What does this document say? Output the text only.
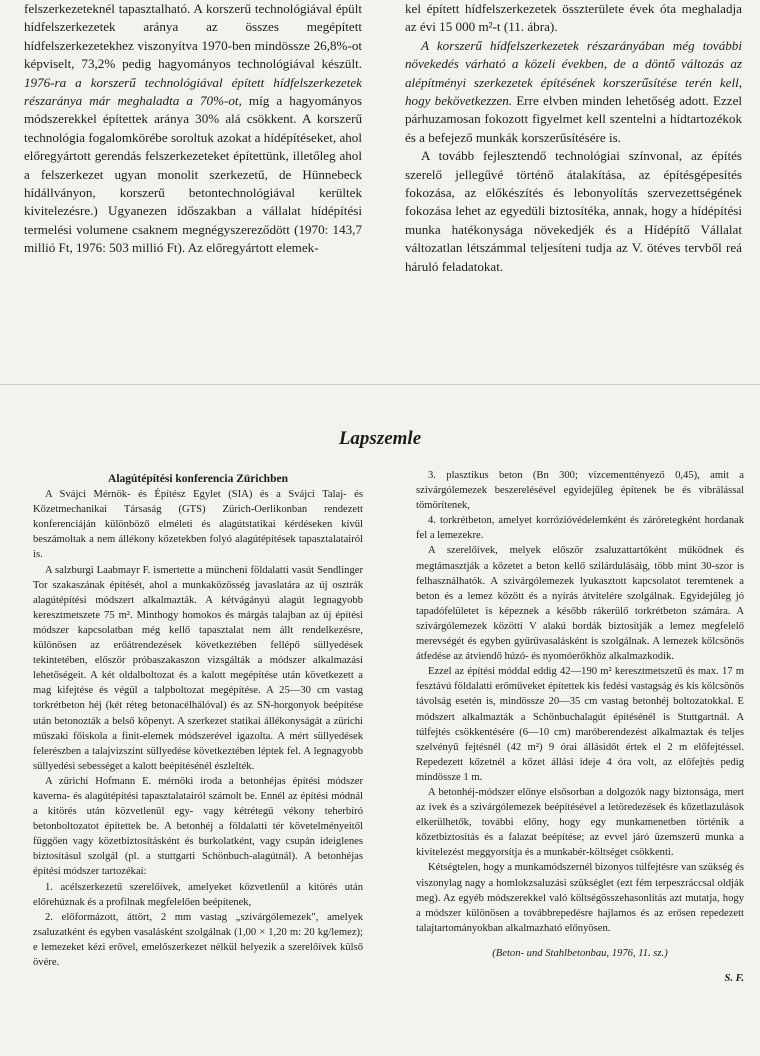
felszerkezeteknél tapasztalható. A korszerű technológiával épült hídfelszerkezetek aránya az összes megépített hídfelszerkezetekhez viszonyítva 1970-ben mindössze 26,8%-ot képviselt, 73,2% pedig hagyományos technológiával készült. 1976-ra a korszerű technológiával épített hídfelszerkezetek részaránya már meghaladta a 70%-ot, míg a hagyományos módszerekkel építettek aránya 30% alá csökkent. A korszerű technológia fogalomkörébe soroltuk azokat a hídépítéseket, ahol előregyártott gerendás felszerkezeteket építettünk, illetőleg ahol a felszerkezet ugyan monolit szerkezetű, de Hünnebeck hídállványon, korszerű betontechnológiával kerültek kivitelezésre.) Ugyanezen időszakban a vállalat hídépítési termelési volumene csaknem megnégyszereződött (1970: 143,7 millió Ft, 1976: 503 millió Ft). Az előregyártott elemek-

kel épített hídfelszerkezetek összterülete évek óta meghaladja az évi 15 000 m²-t (11. ábra).

A korszerű hídfelszerkezetek részarányában még további növekedés várható a közeli években, de a döntő változás az alépítményi szerkezetek építésének korszerűsítése terén kell, hogy bekövetkezzen. Erre elvben minden lehetőség adott. Ezzel párhuzamosan fokozott figyelmet kell szentelni a hídtartozékok és a befejező munkák korszerűsítésére is.

A tovább fejlesztendő technológiai színvonal, az építés szerelő jellegűvé történő átalakítása, az építésgépesítés fokozása, az előkészítés és lebonyolítás szervezettségének fokozása lehet az egyedüli biztosítéka, annak, hogy a hídépítési munka hatékonysága növekedjék és a Hídépítő Vállalat változatlan létszámmal teljesíteni tudja az V. ötéves tervből reá háruló feladatokat.

Lapszemle

Alagútépítési konferencia Zürichben

A Svájci Mérnök- és Építész Egylet (SIA) és a Svájci Talaj- és Kőzetmechanikai Társaság (GTS) Zürich-Oerlikonban rendezett konferenciáján különböző elméleti és alagútstatikai kérdéseken kívül beszámoltak a nem állékony kőzetekben folyó alagútépítések tapasztalatairól is.

A salzburgi Laabmayr F. ismertette a müncheni földalatti vasút Sendlinger Tor szakaszának építését, ahol a munkaközösség javaslatára az új osztrák alagútépítési módszert alkalmazták. A kétvágányú alagút legnagyobb keresztmetszete 75 m². Minthogy homokos és márgás talajban az új építési módszer kapcsolatban még kellő tapasztalat nem állt rendelkezésre, különösen az erőátrendezések következtében fellépő süllyedések tekintetében, először próbaszakaszon vizsgálták a módszer alkalmazási lehetőségeit. A két oldalboltozat és a kalott megépítése után következett a mag kifejtése és végül a talpboltozat megépítése. A 25—30 cm vastag torkrétbeton héj (két réteg betonacélhálóval) és az SN-horgonyok beépítése után betonozták a belső köpenyt. A szerkezet statikai állékonyságát a zürichi műszaki főiskola a finit-elemek módszerével igazolta. A mért süllyedések felerészben a talajvizszint süllyedése következtében léptek fel. A legnagyobb süllyedési sebességet a kalott beépítésénél észlelték.

A zürichi Hofmann E. mérnöki iroda a betonhéjas építési módszer kaverna- és alagútépítési tapasztalatairól számolt be. Ennél az építési módnál a kitörés után közvetlenül egy- vagy kétrétegű vékony teherbíró betonboltozatot építettek be. A betonhéj a földalatti tér követelményeitől függően vagy közetbiztosításként és burkolatként, vagy csupán ideiglenes biztosításul szolgál (pl. a stuttgarti Schönbuch-alagútnál). A betonhéjas építési módszer tartozékai:

1. acélszerkezetű szerelőívek, amelyeket közvetlenül a kitörés után előrehúznak és a profilnak megfelelően beépítenek,

2. előformázott, áttört, 2 mm vastag „szivárgólemezek", amelyek zsaluzatként és egyben vasalásként szolgálnak (1,00 × 1,20 m: 20 kg/lemez); e lemezeket kézi erővel, emelőszerkezet nélkül helyezik a szerelőívek külső övére.

3. plasztikus beton (Bn 300; vízcementtényező 0,45), amit a szivárgólemezek beszerelésével egyidejűleg építenek be és vibrálással tömörítenek,

4. torkrétbeton, amelyet korrózióvédelemként és záróretegként hordanak fel a lemezekre.

A szerelőívek, melyek először zsaluzattartóként működnek és megtámasztják a kőzetet a beton kellő szilárdulásáig, több mint 30-szor is felhasználhatók. A szivárgólemezek lyukasztott kapcsolatot teremtenek a beton és a lemez között és a nyírás átvitelére szolgálnak. Egyidejűleg jó tapadófelületet is képeznek a később rákerülő torkrétbeton számára. A szivárgólemezek közötti V alakú bordák biztosítják a lemez megfelelő merevségét és egyben gyűrűvasalásként is szolgálnak. A lemezek kölcsönös átfedése az átviendő húzó- és nyomóerőkhöz alkalmazkodik.

Ezzel az építési móddal eddig 42—190 m² keresztmetszetű és max. 17 m fesztávú földalatti erőműveket építettek kis fedési vastagság és kis kölcsönös távolság esetén is, mindössze 20—35 cm vastag betonhéj boltozatokkal. E módszert alkalmazták a Schönbuchalagút építésénél is Stuttgartnál. A túlfejtés csökkentésére (6—10 cm) maróberendezést alkalmaztak és teljes szelvényű fejtésnél (42 m²) 9 órai állásidőt értek el 2 m előfejtéssel. Repedezett kőzetnél a kőzet állási ideje 4 óra volt, az előfejtés pedig mindössze 1 m.

A betonhéj-módszer előnye elsősorban a dolgozók nagy biztonsága, mert az ívek és a szivárgólemezek beépítésével a letöredezések és kőzetlazulások elkerülhetők, további előny, hogy egy munkamenetben történik a kőzetbiztosítás és a falazat beépítése; az evvel járó üzemszerű munka a kivitelezést meggyorsítja és a munkabér-költséget csökkenti.

Kétségtelen, hogy a munkamódszernél bizonyos túlfejtésre van szükség és viszonylag nagy a homlokzsaluzási szükséglet (ezt fém terpeszráccsal oldják meg). Az egyéb módszerekkel való költségösszehasonlítás azt mutatja, hogy a módszer különösen a továbbrepedésre hajlamos és az erősen repedezett talajtartományokban alkalmazható előnyösen.

(Beton- und Stahlbetonbau, 1976, 11. sz.)

S. F.
